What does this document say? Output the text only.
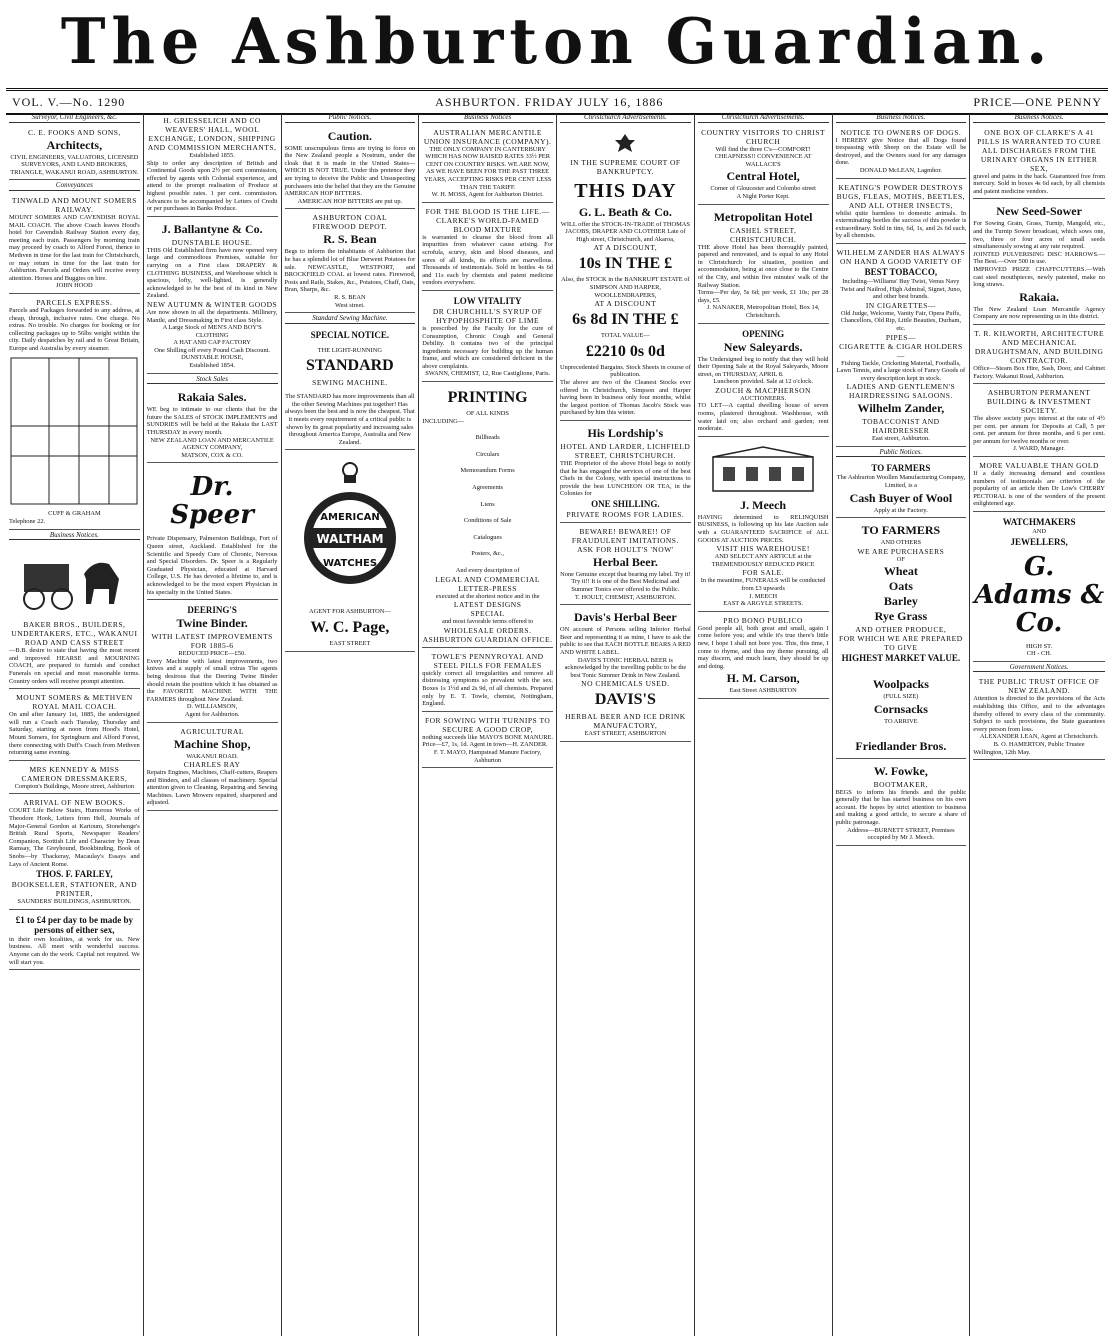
The Ashburton Guardian.
VOL. V.—No. 1290	ASHBURTON. FRIDAY JULY 16, 1886	PRICE—ONE PENNY
Surveyor, Civil Engineers, &c.
C. E. FOOKS AND SONS,
Architects,
CIVIL ENGINEERS, VALUATORS, LICENSED SURVEYORS, AND LAND BROKERS, TRIANGLE, WAKANUI ROAD, ASHBURTON.
Conveyances
TINWALD AND MOUNT SOMERS RAILWAY.
MOUNT SOMERS AND CAVENDISH ROYAL MAIL COACH. The above Coach leaves Hood's hotel for Cavendish Railway Station every day, meeting each train. Passengers by morning train may proceed by coach to Alford Forest, thence to Methven in time for the last train for Christchurch, or may return in time for the last train for Ashburton. Parcels and Orders will receive every attention. Horses and Buggies on hire.
JOHN HOOD
PARCELS EXPRESS.
Parcels and Packages forwarded to any address, at cheap, through, inclusive rates. One charge. No extras. No trouble. No charges for booking or for collecting packages up to 56lbs weight within the city. Daily despatches by rail and to Great Britain, Europe and Australia by every steamer.
CUFF & GRAHAM
Telephone 22.
Business Notices.
BAKER BROS., BUILDERS, UNDERTAKERS, ETC., WAKANUI ROAD AND CASS STREET
—B.B. desire to state that having the most recent and improved HEARSE and MOURNING COACH, are prepared to furnish and conduct Funerals on special and most reasonable terms. Country orders will receive prompt attention.
MOUNT SOMERS & METHVEN ROYAL MAIL COACH.
On and after January 1st, 1885, the undersigned will run a Coach each Tuesday, Thursday and Saturday, starting at noon from Hood's Hotel, Mount Somers, for Springburn and Alford Forest, there connecting with Duff's Coach from Methven returning same evening.
MRS KENNEDY & MISS CAMERON DRESSMAKERS,
Compton's Buildings, Moore street, Ashburton
ARRIVAL OF NEW BOOKS.
COURT Life Below Stairs, Humorous Works of Theodore Hook, Letters from Hell, Journals of Major-General Gordon at Kartoum, Stonehenge's British Rural Sports, Newspaper Readers' Companion, Scottish Life and Character by Dean Ramsay, The Greyhound, Bookbinding, Book of Snobs—by Thackeray, Macaulay's Essays and Lays of Ancient Rome.
THOS. F. FARLEY,
BOOKSELLER, STATIONER, AND PRINTER,
SAUNDERS' BUILDINGS, ASHBURTON.
£1 to £4 per day to be made by persons of either sex,
in their own localities, at work for us. New business. All meet with wonderful success. Anyone can do the work. Capital not required. We will start you.
H. GRIESSELICH AND CO
WEAVERS' HALL, WOOL EXCHANGE, LONDON, SHIPPING AND COMMISSION MERCHANTS,
Established 1855.
Ship to order any description of British and Continental Goods upon 2½ per cent commission, effected by agents with Colonial experience, and attend to the prompt realisation of Produce at highest possible rates. 1 per cent. commission. Advances to be accompanied by Letters of Credit or per purchases in Banks Produce.
J. Ballantyne & Co.
DUNSTABLE HOUSE.
THIS Old Established firm have now opened very large and commodious Premises, suitable for carrying on a First class DRAPERY & CLOTHING BUSINESS, and Warehouse which is spacious, lofty, well-lighted, is generally acknowledged to be the best of its kind in New Zealand.
NEW AUTUMN & WINTER GOODS
Are now shown in all the departments. Millinery, Mantle, and Dressmaking in First class Style.
A Large Stock of MEN'S AND BOY'S CLOTHING
A HAT AND CAP FACTORY
One Shilling off every Pound Cash Discount.
DUNSTABLE HOUSE,
Established 1854.
Stock Sales
Rakaia Sales.
WE beg to intimate to our clients that for the future the SALES of STOCK IMPLEMENTS and SUNDRIES will be held at the Rakaia the LAST THURSDAY in every month.
NEW ZEALAND LOAN AND MERCANTILE AGENCY COMPANY,
MATSON, COX & CO.
Dr. Speer
Private Dispensary, Palmerston Buildings, Fort of Queen street, Auckland. Established for the Scientific and Speedy Cure of Chronic, Nervous and Special Disorders. Dr. Speer is a Regularly Graduated Physician, educated at Harvard College, U.S. He has devoted a lifetime to, and is acknowledged to be the most expert Physician in his specialty in the United States.
DEERING'S
Twine Binder.
WITH LATEST IMPROVEMENTS FOR 1885-6
REDUCED PRICE—£50.
Every Machine with latest improvements, two knives and a supply of small extras The agents being desirous that the Deering Twine Binder should retain the position which it has obtained as the FAVORITE MACHINE WITH THE FARMERS throughout New Zealand.
D. WILLIAMSON,
Agent for Ashburton.
AGRICULTURAL
Machine Shop,
WAKANUI ROAD.
CHARLES RAY
Repairs Engines, Machines, Chaff-cutters, Reapers and Binders, and all classes of machinery. Special attention given to Cleaning, Repairing and Sewing Machines. Lawn Mowers repaired, sharpened and adjusted.
Public Notices.
Caution.
SOME unscrupulous firms are trying to force on the New Zealand people a Nostrum, under the cloak that it is made in the United States—WHICH IS NOT TRUE. Under this pretence they are trying to deceive the Public and Unsuspecting purchasers into the belief that they are the Genuine AMERICAN HOP BITTERS.
AMERICAN HOP BITTERS are put up.
ASHBURTON COAL
FIREWOOD DEPOT.
R. S. Bean
Begs to inform the inhabitants of Ashburton that he has a splendid lot of Blue Derwent Potatoes for sale. NEWCASTLE, WESTPORT, and BROCKFIELD COAL at lowest rates. Firewood, Posts and Rails, Stakes, &c., Potatoes, Chaff, Oats, Bran, Sharps, &c.
R. S. BEAN
West street.
Standard Sewing Machine.
SPECIAL NOTICE.
THE LIGHT-RUNNING
STANDARD
SEWING MACHINE.
The STANDARD has more improvements than all the other Sewing Machines put together! Has always been the best and is now the cheapest. That it meets every requirement of a critical public is shown by its great popularity and increasing sales throughout America Europe, Australia and New Zealand.
AMERICAN
WALTHAM
WATCHES
AGENT FOR ASHBURTON—
W. C. Page,
EAST STREET
Business Notices
AUSTRALIAN MERCANTILE UNION INSURANCE (COMPANY).
THE ONLY COMPANY IN CANTERBURY WHICH HAS NOW RAISED RATES 33½ PER CENT ON COUNTRY RISKS. WE ARE NOW, AS WE HAVE BEEN FOR THE PAST THREE YEARS, ACCEPTING RISKS PER CENT LESS THAN THE TARIFF.
W. H. MOSS, Agent for Ashburton District.
FOR THE BLOOD IS THE LIFE.—CLARKE'S WORLD-FAMED BLOOD MIXTURE
is warranted to cleanse the blood from all impurities from whatever cause arising. For scrofula, scurvy, skin and blood diseases, and sores of all kinds, its effects are marvellous. Thousands of testimonials. Sold in bottles 4s 6d and 11s each by chemists and patent medicine vendors everywhere.
LOW VITALITY
DR CHURCHILL'S SYRUP OF HYPOPHOSPHITE OF LIME
is prescribed by the Faculty for the cure of Consumption, Chronic Cough and General Debility. It contains two of the principal ingredients necessary for building up the human frame, and which are considered deficient in the above complaints.
SWANN, CHEMIST, 12, Rue Castiglione, Paris.
PRINTING
OF ALL KINDS
INCLUDING—
Billheads
Circulars
Memorandum Forms
Agreements
Liens
Conditions of Sale
Catalogues
Posters, &c.,
And every description of
LEGAL AND COMMERCIAL LETTER-PRESS
executed at the shortest notice and in the
LATEST DESIGNS
SPECIAL
and most favorable terms offered to
WHOLESALE ORDERS.
ASHBURTON GUARDIAN OFFICE.
TOWLE'S PENNYROYAL AND STEEL PILLS FOR FEMALES
quickly correct all irregularities and remove all distressing symptoms so prevalent with the sex. Boxes 1s 1½d and 2s 9d, of all chemists. Prepared only by E. T. Towle, chemist, Nottingham, England.
FOR SOWING WITH TURNIPS TO SECURE A GOOD CROP,
nothing succeeds like MAYO'S BONE MANURE. Price—£7, 1s, 1d. Agent in town—H. ZANDER.
F. T. MAYO, Hampstead Manure Factory, Ashburton
Christchurch Advertisements.
IN THE SUPREME COURT OF BANKRUPTCY.
THIS DAY
G. L. Beath & Co.
WILL offer the STOCK-IN-TRADE of THOMAS JACOBS, DRAPER AND CLOTHIER Late of High street, Christchurch, and Akaroa,
AT A DISCOUNT,
10s IN THE £
Also, the STOCK in the BANKRUPT ESTATE of SIMPSON AND HARPER, WOOLLENDRAPERS,
AT A DISCOUNT
6s 8d IN THE £
TOTAL VALUE—
£2210 0s 0d
Unprecedented Bargains. Stock Sheets in course of publication.
The above are two of the Cleanest Stocks ever offered in Christchurch, Simpson and Harper having been in business only four months, whilst the largest portion of Thomas Jacob's Stock was purchased by him this winter.
His Lordship's
HOTEL AND LARDER, LICHFIELD STREET, CHRISTCHURCH.
THE Proprietor of the above Hotel begs to notify that he has engaged the services of one of the best Chefs in the Colony, with special instructions to provide the best LUNCHEON OR TEA, in the Colonies for
ONE SHILLING.
PRIVATE ROOMS FOR LADIES.
BEWARE! BEWARE!! OF FRAUDULENT IMITATIONS.
ASK FOR HOULT'S 'NOW'
Herbal Beer.
None Genuine except that bearing my label. Try it! Try it!! It is one of the Best Medicinal and Summer Tonics ever offered to the Public.
T. HOULT, CHEMIST, ASHBURTON.
Davis's Herbal Beer
ON account of Persons selling Inferior Herbal Beer and representing it as mine, I have to ask the public to see that EACH BOTTLE BEARS A RED AND WHITE LABEL.
DAVIS'S TONIC HERBAL BEER is acknowledged by the travelling public to be the best Tonic Summer Drink in New Zealand.
NO CHEMICALS USED.
DAVIS'S
HERBAL BEER AND ICE DRINK MANUFACTORY,
EAST STREET, ASHBURTON
Christchurch Advertisements.
COUNTRY VISITORS TO CHRIST CHURCH
Will find the three C's—COMFORT! CHEAPNESS!! CONVENIENCE AT WALLACE'S
Central Hotel,
Corner of Gloucester and Colombo street
A Night Porter Kept.
Metropolitan Hotel
CASHEL STREET, CHRISTCHURCH.
THE above Hotel has been thoroughly painted, papered and renovated, and is equal to any Hotel in Christchurch for situation, position and accommodation, being at once close to the Centre of the City, and within five minutes' walk of the Railway Station.
Terms—Per day, 5s 6d; per week, £1 10s; per 28 days, £5.
J. NANAKER, Metropolitan Hotel, Box 14, Christchurch.
OPENING
New Saleyards.
The Undersigned beg to notify that they will hold their Opening Sale at the Royal Saleyards, Moore street, on THURSDAY, APRIL 8.
Luncheon provided. Sale at 12 o'clock.
ZOUCH & MACPHERSON
AUCTIONEERS.
TO LET—A capital dwelling house of seven rooms, plastered throughout. Washhouse, with water laid on; also orchard and garden; rent moderate.
J. Meech
HAVING determined to RELINQUISH BUSINESS, is following up his late Auction sale with a GUARANTEED SACRIFICE of ALL GOODS AT AUCTION PRICES.
VISIT HIS WAREHOUSE!
AND SELECT ANY ARTICLE at the TREMENDOUSLY REDUCED PRICE
FOR SALE.
In the meantime, FUNERALS will be conducted from £3 upwards
J. MEECH
EAST & ARGYLE STREETS.
PRO BONO PUBLICO
Good people all, both great and small, again I come before you; and while it's true there's little new, I hope I shall not bore you. This, this time, I come to rhyme, and thus my theme pursuing, all may discern, and much learn, they should be up and doing.
H. M. Carson,
East Street ASHBURTON
Business Notices.
NOTICE TO OWNERS OF DOGS.
I HEREBY give Notice that all Dogs found trespassing with Sheep on the Estate will be destroyed, and the Owners sued for any damages done.
DONALD McLEAN, Lagmhor.
KEATING'S POWDER DESTROYS BUGS, FLEAS, MOTHS, BEETLES, AND ALL OTHER INSECTS,
whilst quite harmless to domestic animals. In exterminating beetles the success of this powder is extraordinary. Sold in tins, 6d, 1s, and 2s 6d each, by all chemists.
WILHELM ZANDER HAS ALWAYS ON HAND A GOOD VARIETY OF
BEST TOBACCO,
Including—Williams' Buy Twist, Venus Navy Twist and Nailrod, High Admiral, Signet, Juno, and other best brands.
IN CIGARETTES—
Old Judge, Welcome, Vanity Fair, Opera Puffs, Chancellors, Old Rip, Little Beauties, Durham, etc.
PIPES—
CIGARETTE & CIGAR HOLDERS—
Fishing Tackle, Cricketing Material, Footballs, Lawn Tennis, and a large stock of Fancy Goods of every description kept in stock.
LADIES AND GENTLEMEN'S HAIRDRESSING SALOONS.
Wilhelm Zander,
TOBACCONIST AND HAIRDRESSER
East street, Ashburton.
Public Notices.
TO FARMERS
The Ashburton Woollen Manufacturing Company, Limited, is a
Cash Buyer of Wool
Apply at the Factory.
TO FARMERS
AND OTHERS
WE ARE PURCHASERS
OF
Wheat
Oats
Barley
Rye Grass
AND OTHER PRODUCE,
FOR WHICH WE ARE PREPARED TO GIVE
HIGHEST MARKET VALUE.
Woolpacks
(FULL SIZE)
Cornsacks
TO ARRIVE
Friedlander Bros.
W. Fowke,
BOOTMAKER,
BEGS to inform his friends and the public generally that he has started business on his own account. He hopes by strict attention to business and making a good article, to secure a share of public patronage.
Address—BURNETT STREET, Premises occupied by Mr J. Meech.
Business Notices.
ONE BOX OF CLARKE'S A 41 PILLS IS WARRANTED TO CURE ALL DISCHARGES FROM THE URINARY ORGANS IN EITHER SEX,
gravel and pains in the back. Guaranteed free from mercury. Sold in boxes 4s 6d each, by all chemists and patent medicine vendors.
New Seed-Sower
For Sowing Grain, Grass, Turnip, Mangold, etc., and the Turnip Sower broadcast, which sows one, two, three or four acres of small seeds simultaneously sowing at any rate required.
JOINTED PULVERISING DISC HARROWS.—The Best.—Over 500 in use.
IMPROVED PRIZE CHAFFCUTTERS.—With cast steel mouthpieces, newly patented, make no long straws.
Rakaia.
The New Zealand Loan Mercantile Agency Company are now representing us in this district.
T. R. KILWORTH, ARCHITECTURE AND MECHANICAL DRAUGHTSMAN, AND BUILDING CONTRACTOR.
Office—Steam Box Hire, Sash, Door, and Cabinet Factory. Wakanui Road, Ashburton.
ASHBURTON PERMANENT BUILDING & INVESTMENT SOCIETY.
The above society pays interest at the rate of 4½ per cent. per annum for Deposits at Call, 5 per cent. per annum for three months, and 6 per cent. per annum for twelve months or over.
J. WARD, Manager.
MORE VALUABLE THAN GOLD
If a daily increasing demand and countless numbers of testimonials are criterion of the popularity of an article then Dr Low's CHERRY PECTORAL is one of the wonders of the present enlightened age.
WATCHMAKERS
AND
JEWELLERS,
G. Adams & Co.
HIGH ST.
CH - CH.
Government Notices.
THE PUBLIC TRUST OFFICE OF NEW ZEALAND.
Attention is directed to the provisions of the Acts establishing this Office, and to the advantages thereby offered to every class of the community. Subject to such provisions, the State guarantees every person from loss.
ALEXANDER LEAN, Agent at Christchurch.
B. O. HAMERTON, Public Trustee
Wellington, 12th May.
